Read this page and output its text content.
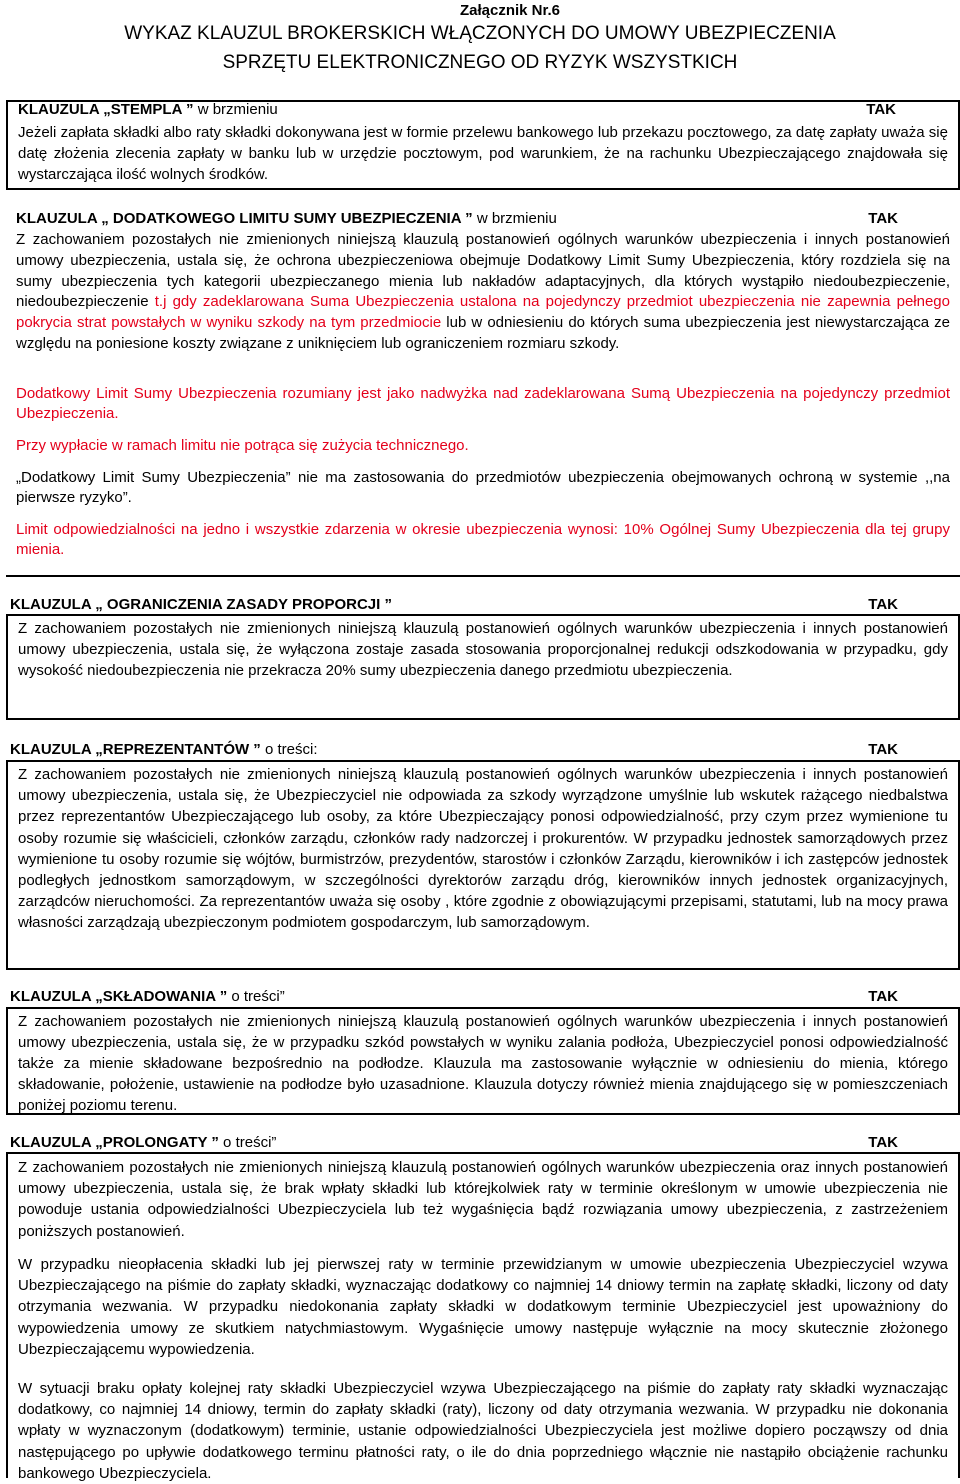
Załącznik Nr.6
WYKAZ KLAUZUL BROKERSKICH WŁĄCZONYCH DO UMOWY UBEZPIECZENIA
SPRZĘTU ELEKTRONICZNEGO OD RYZYK WSZYSTKICH
KLAUZULA „STEMPLA ” w brzmieniu	TAK

Jeżeli zapłata składki albo raty składki dokonywana jest w formie przelewu bankowego lub przekazu pocztowego, za datę zapłaty uważa się datę złożenia zlecenia zapłaty w banku lub w urzędzie pocztowym, pod warunkiem, że na rachunku Ubezpieczającego znajdowała się wystarczająca ilość wolnych środków.

KLAUZULA „ DODATKOWEGO LIMITU SUMY UBEZPIECZENIA ” w brzmieniu	TAK

Z zachowaniem pozostałych nie zmienionych niniejszą klauzulą postanowień ogólnych warunków ubezpieczenia i innych postanowień umowy ubezpieczenia, ustala się, że ochrona ubezpieczeniowa obejmuje Dodatkowy Limit Sumy Ubezpieczenia, który rozdziela się na sumy ubezpieczenia tych kategorii ubezpieczanego mienia lub nakładów adaptacyjnych, dla których wystąpiło niedoubezpieczenie, niedoubezpieczenie t.j gdy zadeklarowana Suma Ubezpieczenia ustalona na pojedynczy przedmiot ubezpieczenia nie zapewnia pełnego pokrycia strat powstałych w wyniku szkody na tym przedmiocie lub w odniesieniu do których suma ubezpieczenia jest niewystarczająca ze względu na poniesione koszty związane z uniknięciem lub ograniczeniem rozmiaru szkody.

Dodatkowy Limit Sumy Ubezpieczenia rozumiany jest jako nadwyżka nad zadeklarowana Sumą Ubezpieczenia na pojedynczy przedmiot Ubezpieczenia.

Przy wypłacie w ramach limitu nie potrąca się zużycia technicznego.

„Dodatkowy Limit Sumy Ubezpieczenia” nie ma zastosowania do przedmiotów ubezpieczenia obejmowanych ochroną w systemie ,,na pierwsze ryzyko”.

Limit odpowiedzialności na jedno i wszystkie zdarzenia w okresie ubezpieczenia wynosi: 10% Ogólnej Sumy Ubezpieczenia dla tej grupy mienia.

KLAUZULA „ OGRANICZENIA ZASADY PROPORCJI ”	TAK

Z zachowaniem pozostałych nie zmienionych niniejszą klauzulą postanowień ogólnych warunków ubezpieczenia i innych postanowień umowy ubezpieczenia, ustala się, że wyłączona zostaje zasada stosowania proporcjonalnej redukcji odszkodowania w przypadku, gdy wysokość niedoubezpieczenia nie przekracza 20% sumy ubezpieczenia danego przedmiotu ubezpieczenia.

KLAUZULA „REPREZENTANTÓW ” o treści:	TAK

Z zachowaniem pozostałych nie zmienionych niniejszą klauzulą postanowień ogólnych warunków ubezpieczenia i innych postanowień umowy ubezpieczenia, ustala się, że Ubezpieczyciel nie odpowiada za szkody wyrządzone umyślnie lub wskutek rażącego niedbalstwa przez reprezentantów Ubezpieczającego lub osoby, za które Ubezpieczający ponosi odpowiedzialność, przy czym przez wymienione tu osoby rozumie się właścicieli, członków zarządu, członków rady nadzorczej i prokurentów. W przypadku jednostek samorządowych przez wymienione tu osoby rozumie się wójtów, burmistrzów, prezydentów, starostów i członków Zarządu, kierowników i ich zastępców jednostek podległych jednostkom samorządowym, w szczególności dyrektorów zarządu dróg, kierowników innych jednostek organizacyjnych, zarządców nieruchomości. Za reprezentantów uważa się osoby , które zgodnie z obowiązującymi przepisami, statutami, lub na mocy prawa własności zarządzają ubezpieczonym podmiotem gospodarczym, lub samorządowym.

KLAUZULA „SKŁADOWANIA ” o treści”	TAK

Z zachowaniem pozostałych nie zmienionych niniejszą klauzulą postanowień ogólnych warunków ubezpieczenia i innych postanowień umowy ubezpieczenia, ustala się, że w przypadku szkód powstałych w wyniku zalania podłoża, Ubezpieczyciel ponosi odpowiedzialność także za mienie składowane bezpośrednio na podłodze. Klauzula ma zastosowanie wyłącznie w odniesieniu do mienia, którego składowanie, położenie, ustawienie na podłodze było uzasadnione. Klauzula dotyczy również mienia znajdującego się w pomieszczeniach poniżej poziomu terenu.

KLAUZULA „PROLONGATY ” o treści”	TAK

Z zachowaniem pozostałych nie zmienionych niniejszą klauzulą postanowień ogólnych warunków ubezpieczenia oraz innych postanowień umowy ubezpieczenia, ustala się, że brak wpłaty składki lub którejkolwiek raty w terminie określonym w umowie ubezpieczenia nie powoduje ustania odpowiedzialności Ubezpieczyciela lub też wygaśnięcia bądź rozwiązania umowy ubezpieczenia, z zastrzeżeniem poniższych postanowień.

W przypadku nieopłacenia składki lub jej pierwszej raty w terminie przewidzianym w umowie ubezpieczenia Ubezpieczyciel wzywa Ubezpieczającego na piśmie do zapłaty składki, wyznaczając dodatkowy co najmniej 14 dniowy termin na zapłatę składki, liczony od daty otrzymania wezwania. W przypadku niedokonania zapłaty składki w dodatkowym terminie Ubezpieczyciel jest upoważniony do wypowiedzenia umowy ze skutkiem natychmiastowym. Wygaśnięcie umowy następuje wyłącznie na mocy skutecznie złożonego Ubezpieczającemu wypowiedzenia.

W sytuacji braku opłaty kolejnej raty składki Ubezpieczyciel wzywa Ubezpieczającego na piśmie do zapłaty raty składki wyznaczając dodatkowy, co najmniej 14 dniowy, termin do zapłaty składki (raty), liczony od daty otrzymania wezwania. W przypadku nie dokonania wpłaty w wyznaczonym (dodatkowym) terminie, ustanie odpowiedzialności Ubezpieczyciela jest możliwe dopiero począwszy od dnia następującego po upływie dodatkowego terminu płatności raty, o ile do dnia poprzedniego włącznie nie nastąpiło obciążenie rachunku bankowego Ubezpieczyciela.
